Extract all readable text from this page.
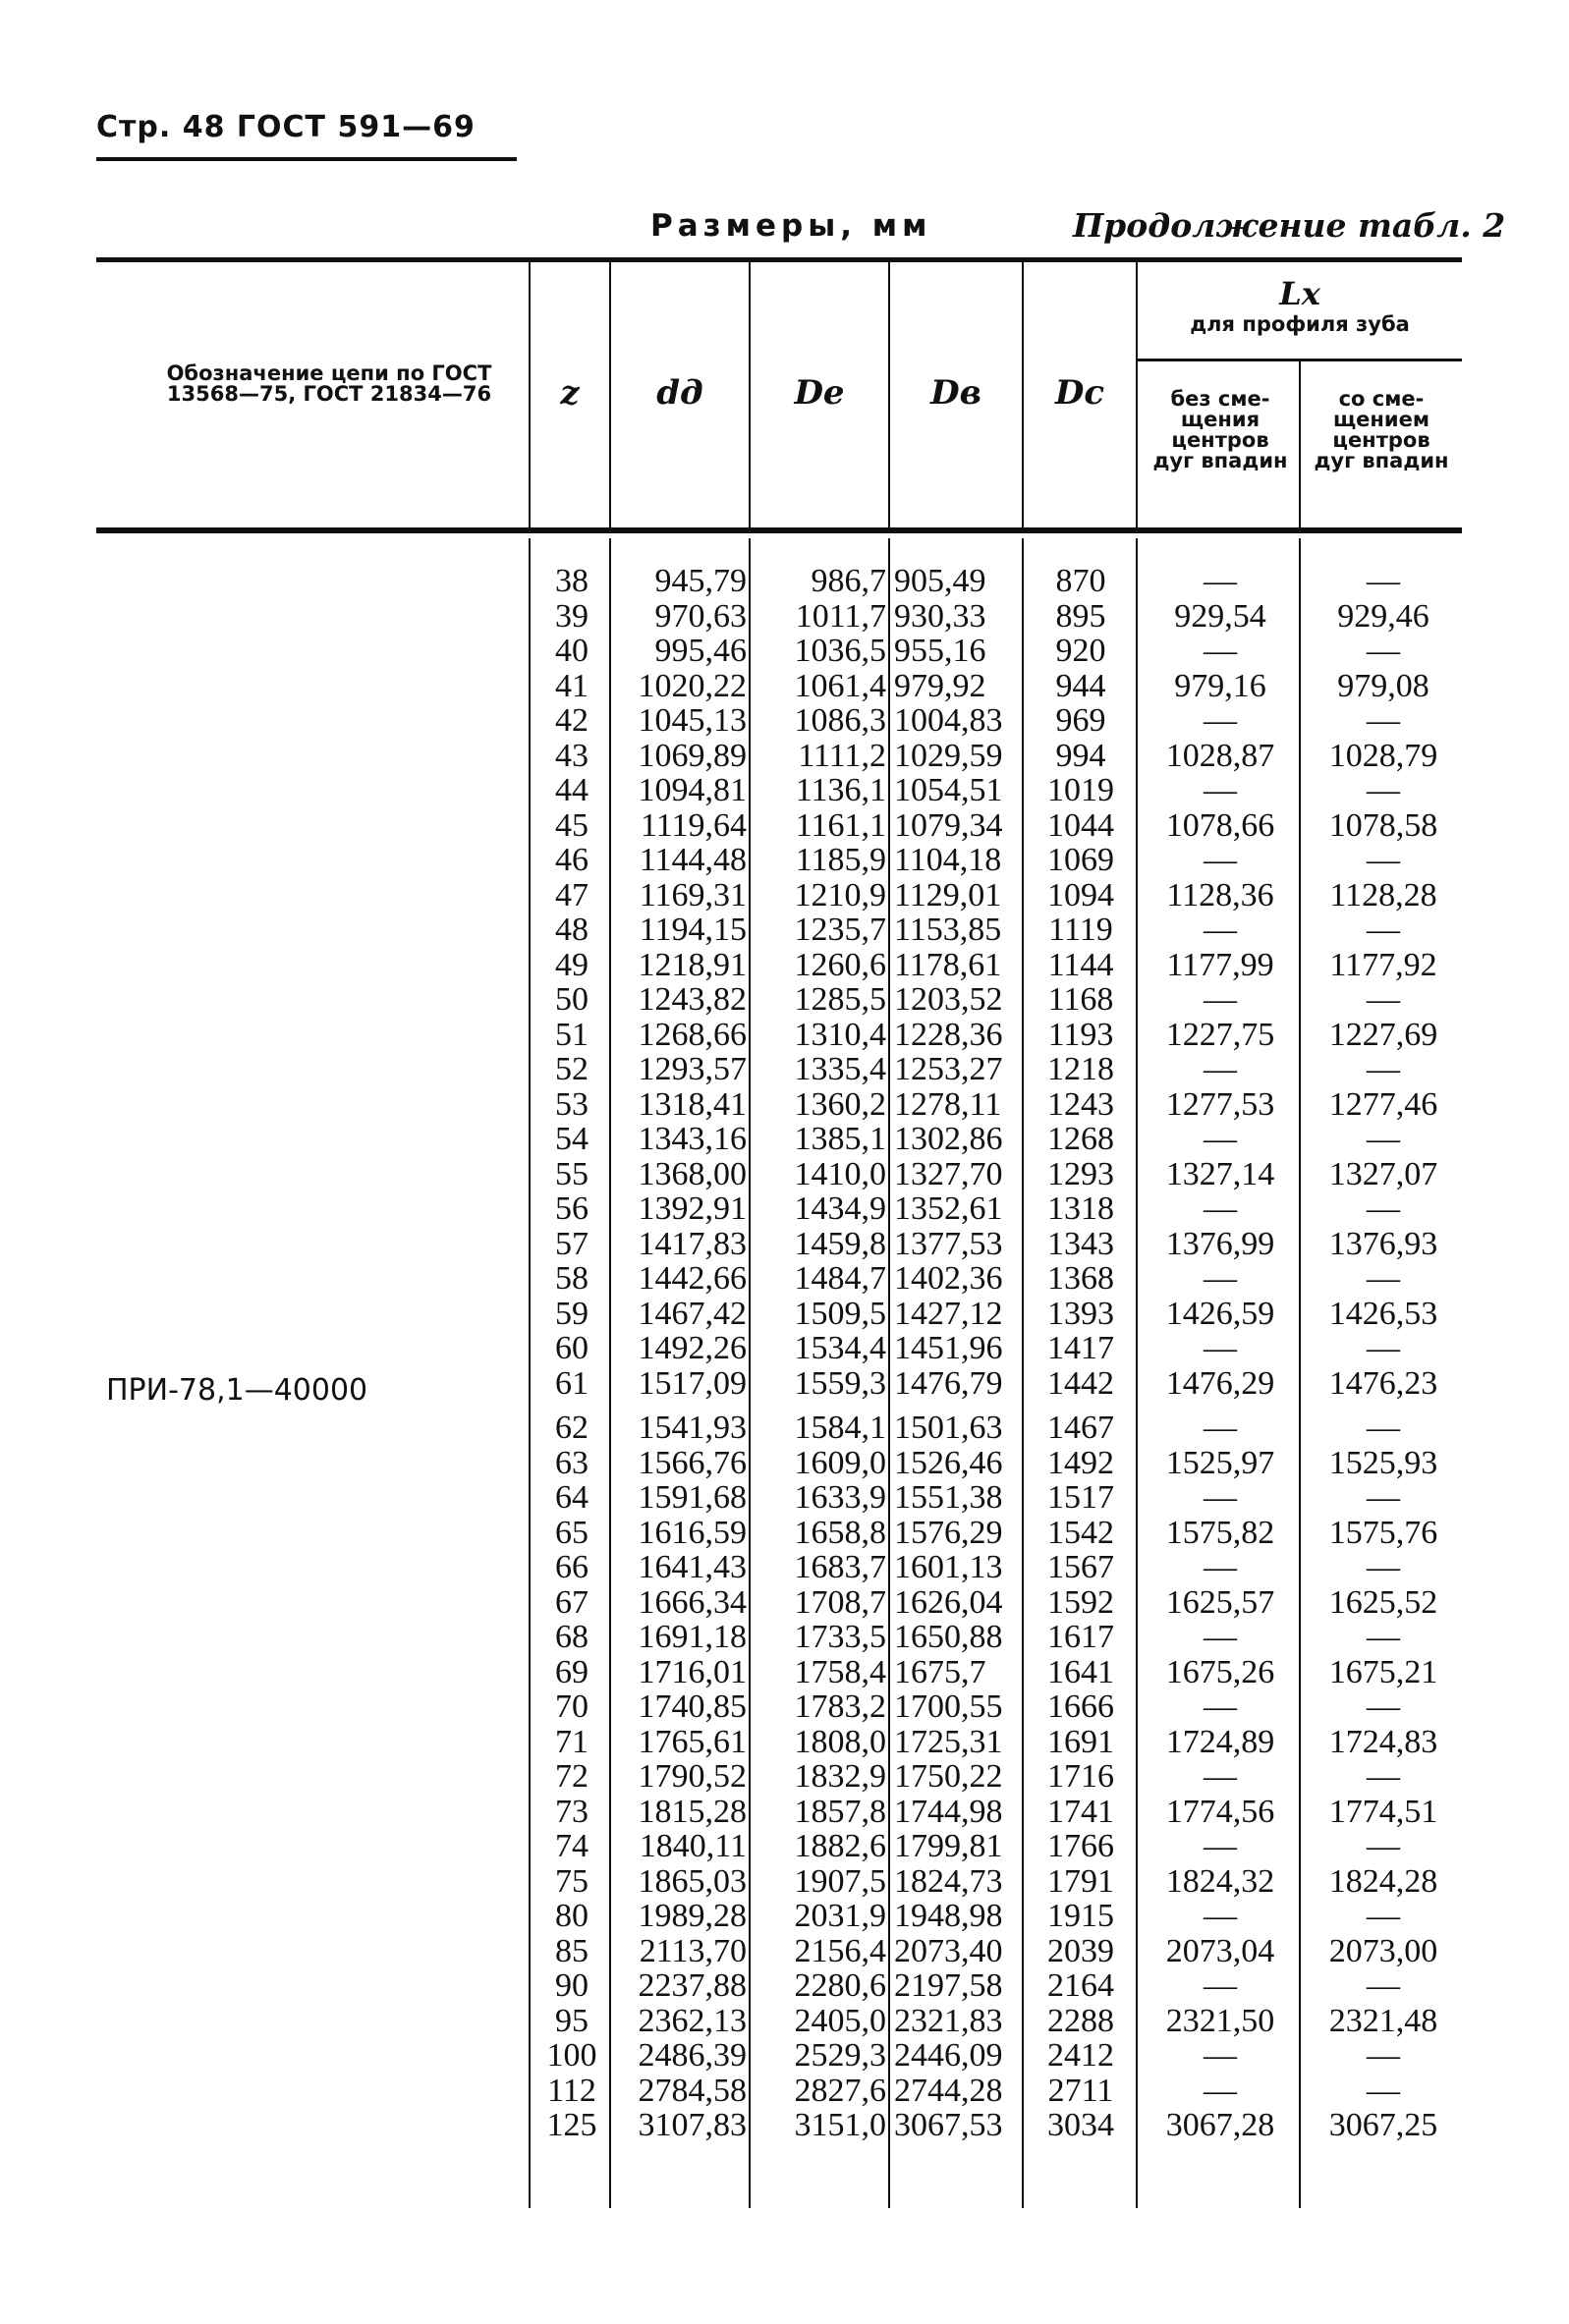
Стр. 48 ГОСТ 591—69
Размеры, мм	Продолжение табл. 2
Обозначение цепи по ГОСТ 13568—75, ГОСТ 21834—76	z	dд	Dе	Dв	Dс
Lx
для профиля зуба
без сме- щения центров дуг впадин
со сме- щением центров дуг впадин
ПРИ-78,1—40000
38	945,79	986,7 905,49	870	—	—
39	970,63	1011,7 930,33	895	929,54	929,46
40	995,46	1036,5 955,16	920	—	—
41	1020,22	1061,4 979,92	944	979,16	979,08
42	1045,13	1086,3 1004,83	969	—	—
43	1069,89	1111,2 1029,59	994	1028,87	1028,79
44	1094,81	1136,1 1054,51	1019	—	—
45	1119,64	1161,1 1079,34	1044	1078,66	1078,58
46	1144,48	1185,9 1104,18	1069	—	—
47	1169,31	1210,9 1129,01	1094	1128,36	1128,28
48	1194,15	1235,7 1153,85	1119	—	—
49	1218,91	1260,6 1178,61	1144	1177,99	1177,92
50	1243,82	1285,5 1203,52	1168	—	—
51	1268,66	1310,4 1228,36	1193	1227,75	1227,69
52	1293,57	1335,4 1253,27	1218	—	—
53	1318,41	1360,2 1278,11	1243	1277,53	1277,46
54	1343,16	1385,1 1302,86	1268	—	—
55	1368,00	1410,0 1327,70	1293	1327,14	1327,07
56	1392,91	1434,9 1352,61	1318	—	—
57	1417,83	1459,8 1377,53	1343	1376,99	1376,93
58	1442,66	1484,7 1402,36	1368	—	—
59	1467,42	1509,5 1427,12	1393	1426,59	1426,53
60	1492,26	1534,4 1451,96	1417	—	—
61	1517,09	1559,3 1476,79	1442	1476,29	1476,23
62	1541,93	1584,1 1501,63	1467	—	—
63	1566,76	1609,0 1526,46	1492	1525,97	1525,93
64	1591,68	1633,9 1551,38	1517	—	—
65	1616,59	1658,8 1576,29	1542	1575,82	1575,76
66	1641,43	1683,7 1601,13	1567	—	—
67	1666,34	1708,7 1626,04	1592	1625,57	1625,52
68	1691,18	1733,5 1650,88	1617	—	—
69	1716,01	1758,4 1675,7	1641	1675,26	1675,21
70	1740,85	1783,2 1700,55	1666	—	—
71	1765,61	1808,0 1725,31	1691	1724,89	1724,83
72	1790,52	1832,9 1750,22	1716	—	—
73	1815,28	1857,8 1744,98	1741	1774,56	1774,51
74	1840,11	1882,6 1799,81	1766	—	—
75	1865,03	1907,5 1824,73	1791	1824,32	1824,28
80	1989,28	2031,9 1948,98	1915	—	—
85	2113,70	2156,4 2073,40	2039	2073,04	2073,00
90	2237,88	2280,6 2197,58	2164	—	—
95	2362,13	2405,0 2321,83	2288	2321,50	2321,48
100	2486,39	2529,3 2446,09	2412	—	—
112	2784,58	2827,6 2744,28	2711	—	—
125	3107,83	3151,0 3067,53	3034	3067,28	3067,25
